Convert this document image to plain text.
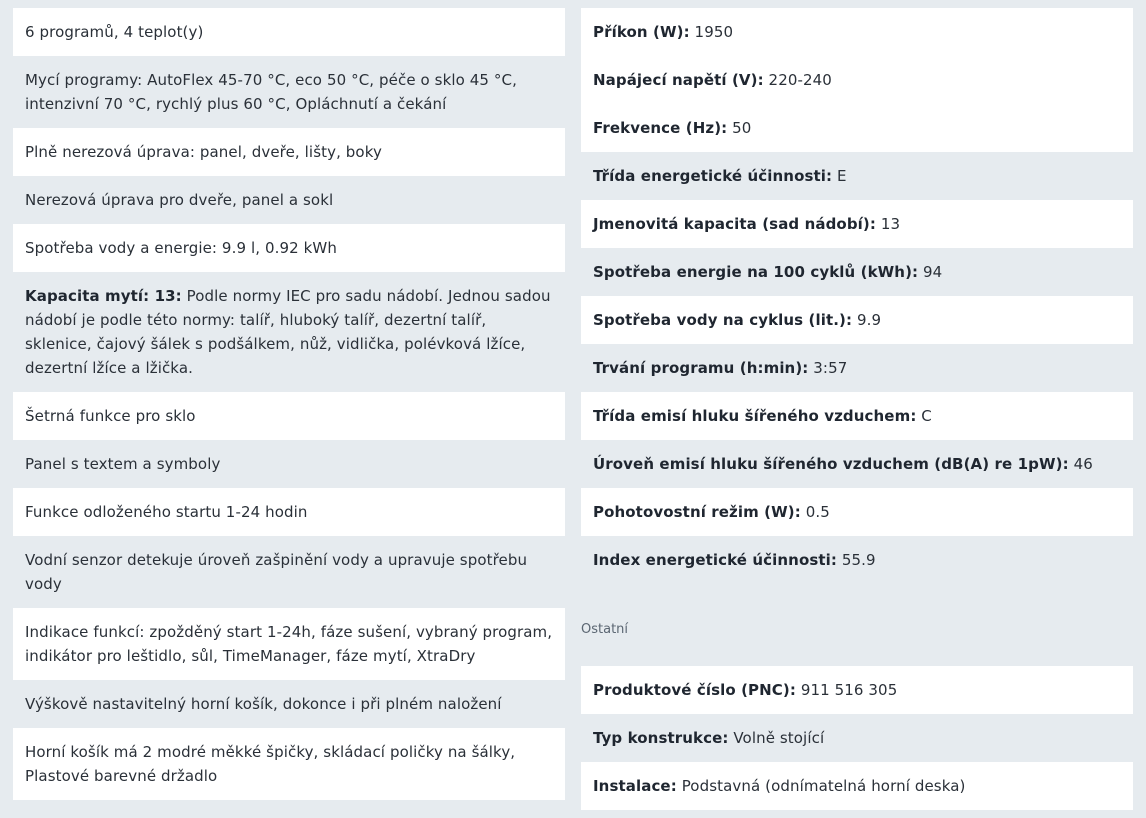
6 programů, 4 teplot(y)
Mycí programy: AutoFlex 45-70 °C, eco 50 °C, péče o sklo 45 °C, intenzivní 70 °C, rychlý plus 60 °C, Opláchnutí a čekání
Plně nerezová úprava: panel, dveře, lišty, boky
Nerezová úprava pro dveře, panel a sokl
Spotřeba vody a energie: 9.9 l, 0.92 kWh
Kapacita mytí: 13: Podle normy IEC pro sadu nádobí. Jednou sadou nádobí je podle této normy: talíř, hluboký talíř, dezertní talíř, sklenice, čajový šálek s podšálkem, nůž, vidlička, polévková lžíce, dezertní lžíce a lžička.
Šetrná funkce pro sklo
Panel s textem a symboly
Funkce odloženého startu 1-24 hodin
Vodní senzor detekuje úroveň zašpinění vody a upravuje spotřebu vody
Indikace funkcí: zpožděný start 1-24h, fáze sušení, vybraný program, indikátor pro leštidlo, sůl, TimeManager, fáze mytí, XtraDry
Výškově nastavitelný horní košík, dokonce i při plném naložení
Horní košík má 2 modré měkké špičky, skládací poličky na šálky, Plastové barevné držadlo
Příkon (W): 1950
Napájecí napětí (V): 220-240
Frekvence (Hz): 50
Třída energetické účinnosti: E
Jmenovitá kapacita (sad nádobí): 13
Spotřeba energie na 100 cyklů (kWh): 94
Spotřeba vody na cyklus (lit.): 9.9
Trvání programu (h:min): 3:57
Třída emisí hluku šířeného vzduchem: C
Úroveň emisí hluku šířeného vzduchem (dB(A) re 1pW): 46
Pohotovostní režim (W): 0.5
Index energetické účinnosti: 55.9
Ostatní
Produktové číslo (PNC): 911 516 305
Typ konstrukce: Volně stojící
Instalace: Podstavná (odnímatelná horní deska)
